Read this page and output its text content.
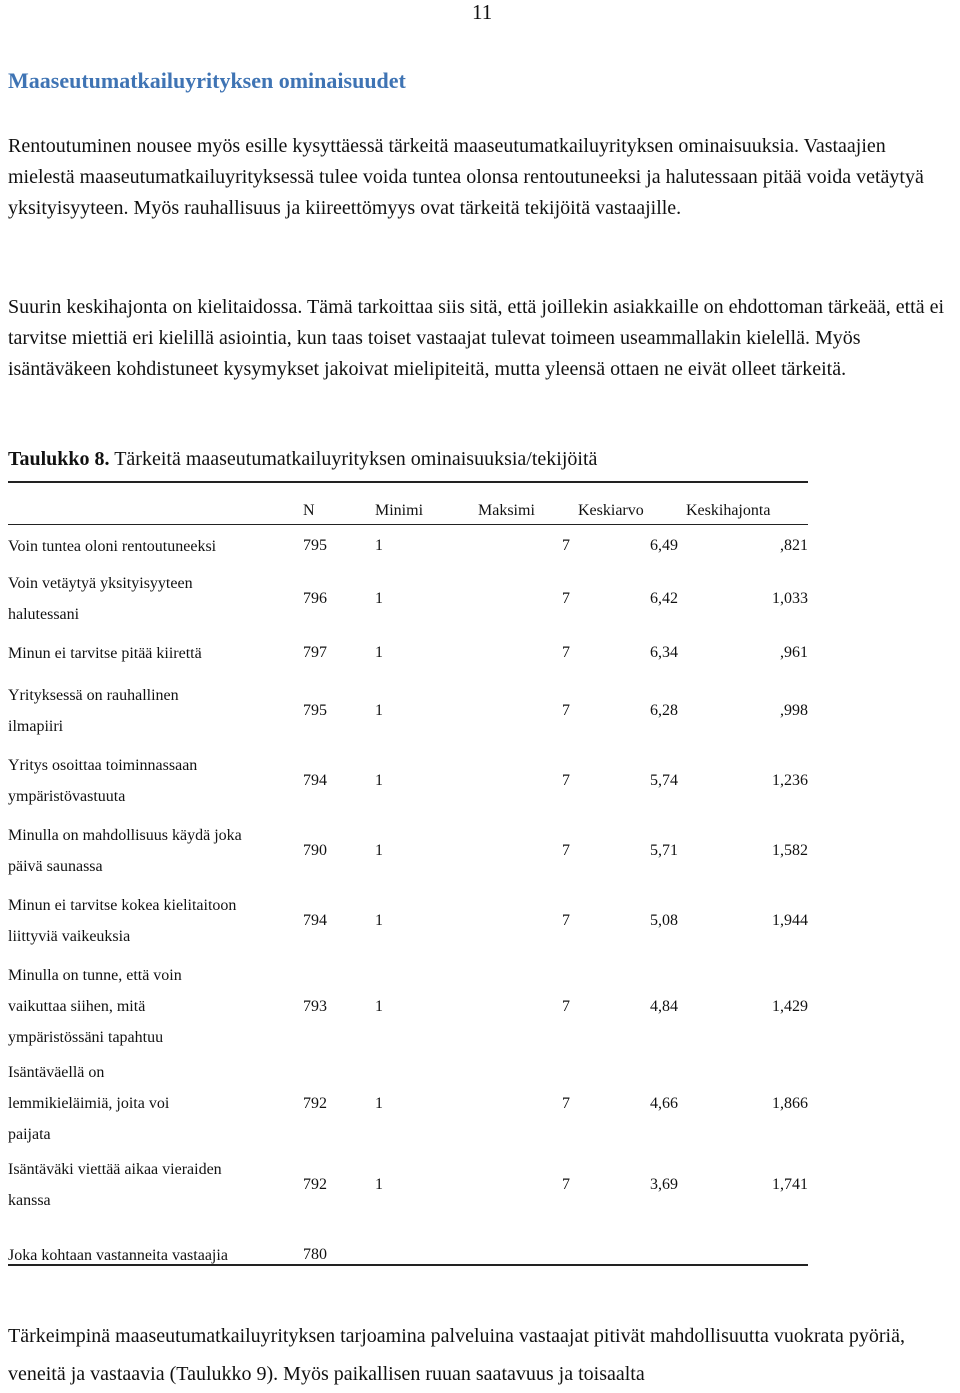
11
Maaseutumatkailuyrityksen ominaisuudet

Rentoutuminen nousee myös esille kysyttäessä tärkeitä maaseutumatkailuyrityksen ominaisuuksia. Vastaajien mielestä maaseutumatkailuyrityksessä tulee voida tuntea olonsa rentoutuneeksi ja halutessaan pitää voida vetäytyä yksityisyyteen. Myös rauhallisuus ja kiireettömyys ovat tärkeitä tekijöitä vastaajille.

Suurin keskihajonta on kielitaidossa. Tämä tarkoittaa siis sitä, että joillekin asiakkaille on ehdottoman tärkeää, että ei tarvitse miettiä eri kielillä asiointia, kun taas toiset vastaajat tulevat toimeen useammallakin kielellä. Myös isäntäväkeen kohdistuneet kysymykset jakoivat mielipiteitä, mutta yleensä ottaen ne eivät olleet tärkeitä.

Taulukko 8. Tärkeitä maaseutumatkailuyrityksen ominaisuuksia/tekijöitä
	N	Minimi	Maksimi	Keskiarvo	Keskihajonta

Voin tuntea oloni rentoutuneeksi	795	1	7	6,49	,821

Voin vetäytyä yksityisyyteen halutessani	796	1	7	6,42	1,033

Minun ei tarvitse pitää kiirettä	797	1	7	6,34	,961

Yrityksessä on rauhallinen ilmapiiri	795	1	7	6,28	,998

Yritys osoittaa toiminnassaan ympäristövastuuta	794	1	7	5,74	1,236

Minulla on mahdollisuus käydä joka päivä saunassa	790	1	7	5,71	1,582

Minun ei tarvitse kokea kielitaitoon liittyviä vaikeuksia	794	1	7	5,08	1,944

Minulla on tunne, että voin vaikuttaa siihen, mitä ympäristössäni tapahtuu	793	1	7	4,84	1,429

Isäntäväellä on lemmikieläimiä, joita voi paijata	792	1	7	4,66	1,866

Isäntäväki viettää aikaa vieraiden kanssa	792	1	7	3,69	1,741

Joka kohtaan vastanneita vastaajia	780				

Tärkeimpinä maaseutumatkailuyrityksen tarjoamina palveluina vastaajat pitivät mahdollisuutta vuokrata pyöriä, veneitä ja vastaavia (Taulukko 9). Myös paikallisen ruuan saatavuus ja toisaalta
